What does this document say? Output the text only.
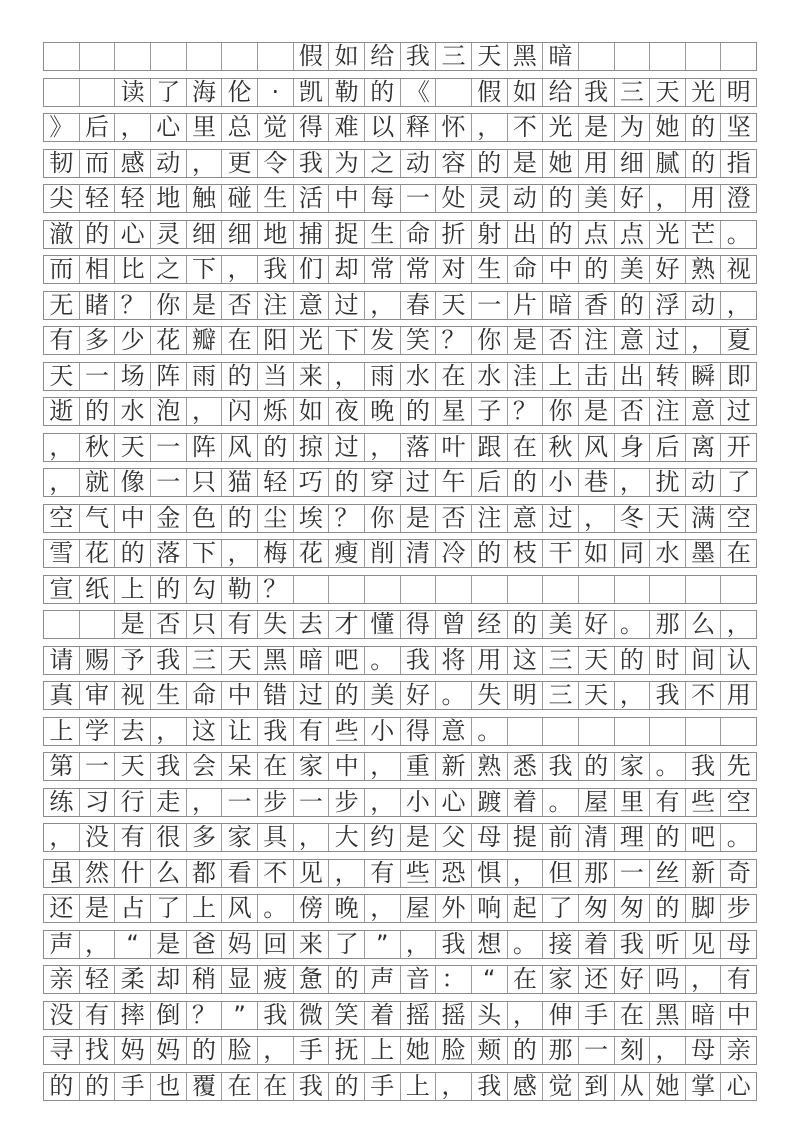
假 如 给 我 三 天 黑 暗
读 了 海 伦 · 凯 勒 的 《 假 如 给 我 三 天 光 明
》 后 ， 心 里 总 觉 得 难 以 释 怀 ， 不 光 是 为 她 的 坚
韧 而 感 动 ， 更 令 我 为 之 动 容 的 是 她 用 细 腻 的 指
尖 轻 轻 地 触 碰 生 活 中 每 一 处 灵 动 的 美 好 ， 用 澄
澈 的 心 灵 细 细 地 捕 捉 生 命 折 射 出 的 点 点 光 芒 。
而 相 比 之 下 ， 我 们 却 常 常 对 生 命 中 的 美 好 熟 视
无 睹 ？ 你 是 否 注 意 过 ， 春 天 一 片 暗 香 的 浮 动 ，
有 多 少 花 瓣 在 阳 光 下 发 笑 ？ 你 是 否 注 意 过 ， 夏
天 一 场 阵 雨 的 当 来 ， 雨 水 在 水 洼 上 击 出 转 瞬 即
逝 的 水 泡 ， 闪 烁 如 夜 晚 的 星 子 ？ 你 是 否 注 意 过
， 秋 天 一 阵 风 的 掠 过 ， 落 叶 跟 在 秋 风 身 后 离 开
， 就 像 一 只 猫 轻 巧 的 穿 过 午 后 的 小 巷 ， 扰 动 了
空 气 中 金 色 的 尘 埃 ？ 你 是 否 注 意 过 ， 冬 天 满 空
雪 花 的 落 下 ， 梅 花 瘦 削 清 冷 的 枝 干 如 同 水 墨 在
宣 纸 上 的 勾 勒 ？
是 否 只 有 失 去 才 懂 得 曾 经 的 美 好 。 那 么 ，
请 赐 予 我 三 天 黑 暗 吧 。 我 将 用 这 三 天 的 时 间 认
真 审 视 生 命 中 错 过 的 美 好 。 失 明 三 天 ， 我 不 用
上 学 去 ， 这 让 我 有 些 小 得 意 。
第 一 天 我 会 呆 在 家 中 ， 重 新 熟 悉 我 的 家 。 我 先
练 习 行 走 ， 一 步 一 步 ， 小 心 踱 着 。 屋 里 有 些 空
， 没 有 很 多 家 具 ， 大 约 是 父 母 提 前 清 理 的 吧 。
虽 然 什 么 都 看 不 见 ， 有 些 恐 惧 ， 但 那 一 丝 新 奇
还 是 占 了 上 风 。 傍 晚 ， 屋 外 响 起 了 匆 匆 的 脚 步
声 ， “ 是 爸 妈 回 来 了 ” ， 我 想 。 接 着 我 听 见 母
亲 轻 柔 却 稍 显 疲 惫 的 声 音 ： “ 在 家 还 好 吗 ， 有
没 有 摔 倒 ？ ” 我 微 笑 着 摇 摇 头 ， 伸 手 在 黑 暗 中
寻 找 妈 妈 的 脸 ， 手 抚 上 她 脸 颊 的 那 一 刻 ， 母 亲
的 的 手 也 覆 在 在 我 的 手 上 ， 我 感 觉 到 从 她 掌 心
